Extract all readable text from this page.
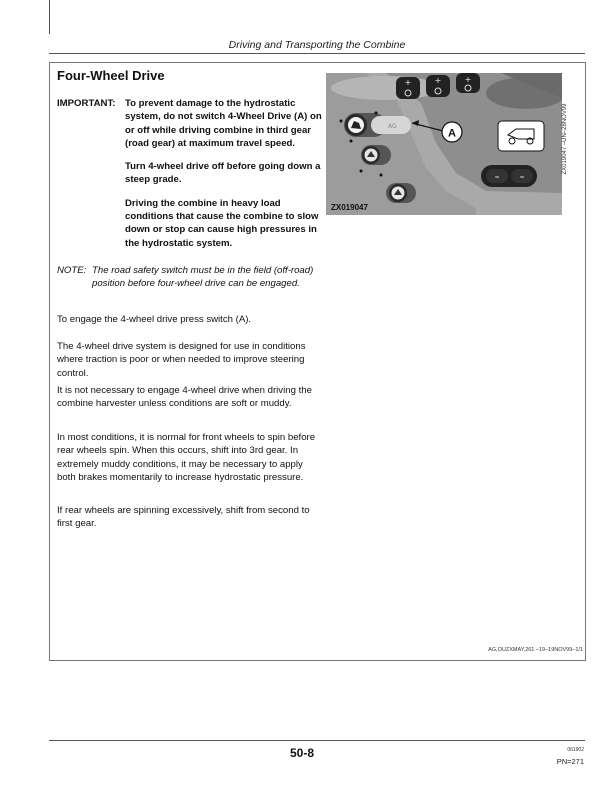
Driving and Transporting the Combine
Four-Wheel Drive
IMPORTANT: To prevent damage to the hydrostatic system, do not switch 4-Wheel Drive (A) on or off while driving combine in third gear (road gear) at maximum travel speed.

Turn 4-wheel drive off before going down a steep grade.

Driving the combine in heavy load conditions that cause the combine to slow down or stop can cause high pressures in the hydrostatic system.

NOTE: The road safety switch must be in the field (off-road) position before four-wheel drive can be engaged.

To engage the 4-wheel drive press switch (A).

The 4-wheel drive system is designed for use in conditions where traction is poor or when needed to improve steering control.

It is not necessary to engage 4-wheel drive when driving the combine harvester unless conditions are soft or muddy.

In most conditions, it is normal for front wheels to spin before rear wheels spin. When this occurs, shift into 3rd gear. In extremely muddy conditions, it may be necessary to apply both brakes momentarily to increase hydrostatic pressure.

If rear wheels are spinning excessively, shift from second to first gear.

+	+	+
AG
≈	≈
A
ZX019047
ZX019047 –UN–28NOV99
AG,OUZXMAY,261 –19–19NOV99–1/1
50-8	061902
PN=271
